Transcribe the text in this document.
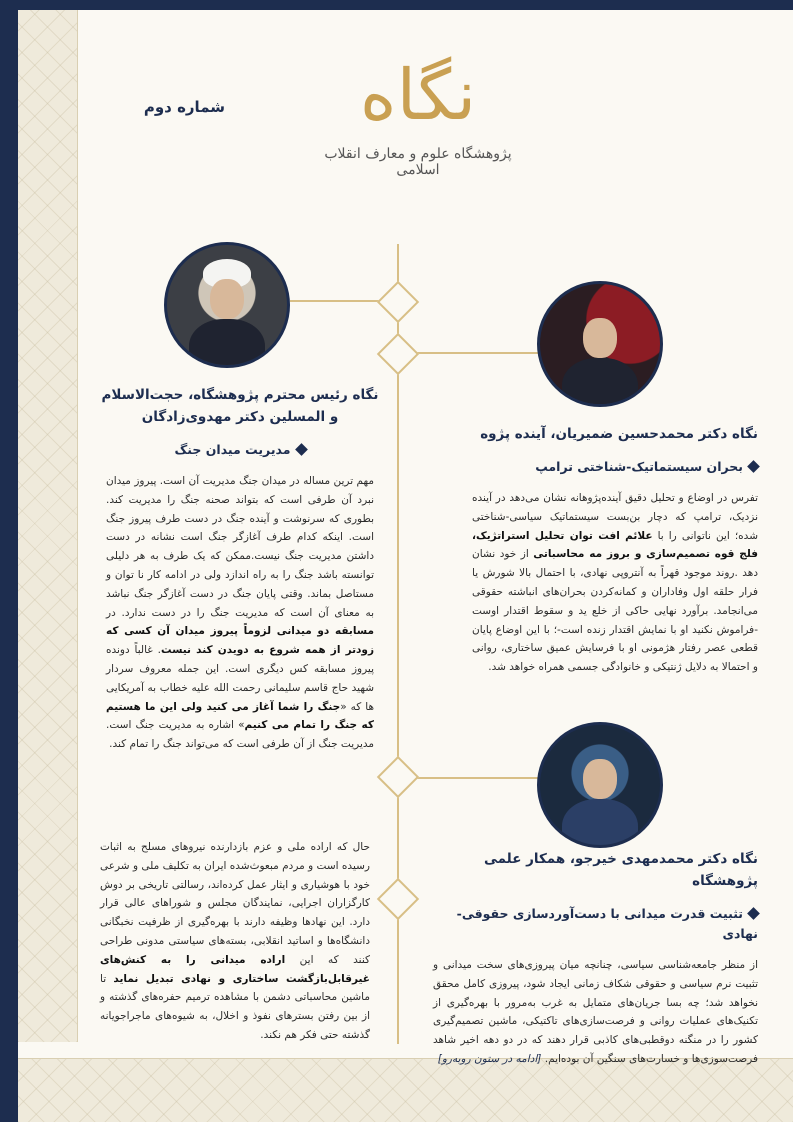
شماره دوم	نگاه
پژوهشگاه علوم و معارف انقلاب اسلامی
نگاه رئیس محترم پژوهشگاه، حجت‌الاسلام و المسلین دکتر مهدوی‌زادگان
مدیریت میدان جنگ
مهم ترین مساله در میدان جنگ مدیریت آن است. پیروز میدان نبرد آن طرفی است که بتواند صحنه جنگ را مدیریت کند. بطوری که سرنوشت و آینده جنگ در دست طرف پیروز جنگ است. اینکه کدام طرف آغازگر جنگ است نشانه در دست داشتن مدیریت جنگ نیست.ممکن که یک طرف به هر دلیلی توانسته باشد جنگ را به راه اندازد ولی در ادامه کار نا توان و مستاصل بماند. وقتی پایان جنگ در دست آغازگر جنگ نباشد به معنای آن است که مدیریت جنگ را در دست ندارد. در مسابقه دو میدانی لزوماً پیروز میدان آن کسی که زودتر از همه شروع به دویدن کند نیست. غالباً دونده پیروز مسابقه کس دیگری است. این جمله معروف سردار شهید حاج قاسم سلیمانی رحمت الله علیه خطاب به آمریکایی ها که «جنگ را شما آغاز می کنید ولی این ما هستیم که جنگ را تمام می کنیم» اشاره به مدیریت جنگ است. مدیریت جنگ از آن طرفی است که می‌تواند جنگ را تمام کند.
حال که اراده ملی و عزم بازدارنده نیروهای مسلح به اثبات رسیده است و مردم مبعوث‌شده ایران به تکلیف ملی و شرعی خود با هوشیاری و ایثار عمل کرده‌اند، رسالتی تاریخی بر دوش کارگزاران اجرایی، نمایندگان مجلس و شوراهای عالی قرار دارد. این نهادها وظیفه دارند با بهره‌گیری از ظرفیت نخبگانی دانشگاه‌ها و اساتید انقلابی، بسته‌های سیاستی مدونی طراحی کنند که این اراده میدانی را به کنش‌های غیرقابل‌بازگشت ساختاری و نهادی تبدیل نماید تا ماشین محاسباتی دشمن با مشاهده ترمیم حفره‌های گذشته و از بین رفتن بسترهای نفوذ و اخلال، به شیوه‌های ماجراجویانه گذشته حتی فکر هم نکند.
نگاه دکتر محمدحسین ضمیریان، آینده پژوه
بحران سیستماتیک-شناختی ترامپ
تفرس در اوضاع و تحلیل دقیق آینده‌پژوهانه نشان می‌دهد در آینده نزدیک، ترامپ که دچار بن‌بست سیستماتیک سیاسی-شناختی شده؛ این ناتوانی را با علائم افت توان تحلیل استراتژیک، فلج قوه تصمیم‌سازی و بروز مه محاسباتی از خود نشان دهد .روند موجود قهراً به آنتروپی نهادی، با احتمال بالا شورش یا فرار حلقه اول وفاداران و کمانه‌کردن بحران‌های انباشته حقوقی می‌انجامد. برآورد نهایی حاکی از خلع ید و سقوط اقتدار اوست -فراموش نکنید او با نمایش اقتدار زنده است-؛ با این اوضاع پایان قطعی عصر رفتار هژمونی او با فرسایش عمیق ساختاری، روانی و احتمالا به دلایل ژنتیکی و خانوادگی جسمی همراه خواهد شد.
نگاه دکتر محمدمهدی خیرجو، همکار علمی پژوهشگاه
تثبیت قدرت میدانی با دست‌آوردسازی حقوقی-نهادی
از منظر جامعه‌شناسی سیاسی، چنانچه میان پیروزی‌های سخت میدانی و تثبیت نرم سیاسی و حقوقی شکاف زمانی ایجاد شود، پیروزی کامل محقق نخواهد شد؛ چه بسا جریان‌های متمایل به غرب به‌مرور با بهره‌گیری از تکنیک‌های عملیات روانی و فرصت‌سازی‌های تاکتیکی، ماشین تصمیم‌گیری کشور را در منگنه دوقطبی‌های کاذبی قرار دهند که در دو دهه اخیر شاهد فرصت‌سوزی‌ها و خسارت‌های سنگین آن بوده‌ایم. [ادامه در ستون روبه‌رو]
